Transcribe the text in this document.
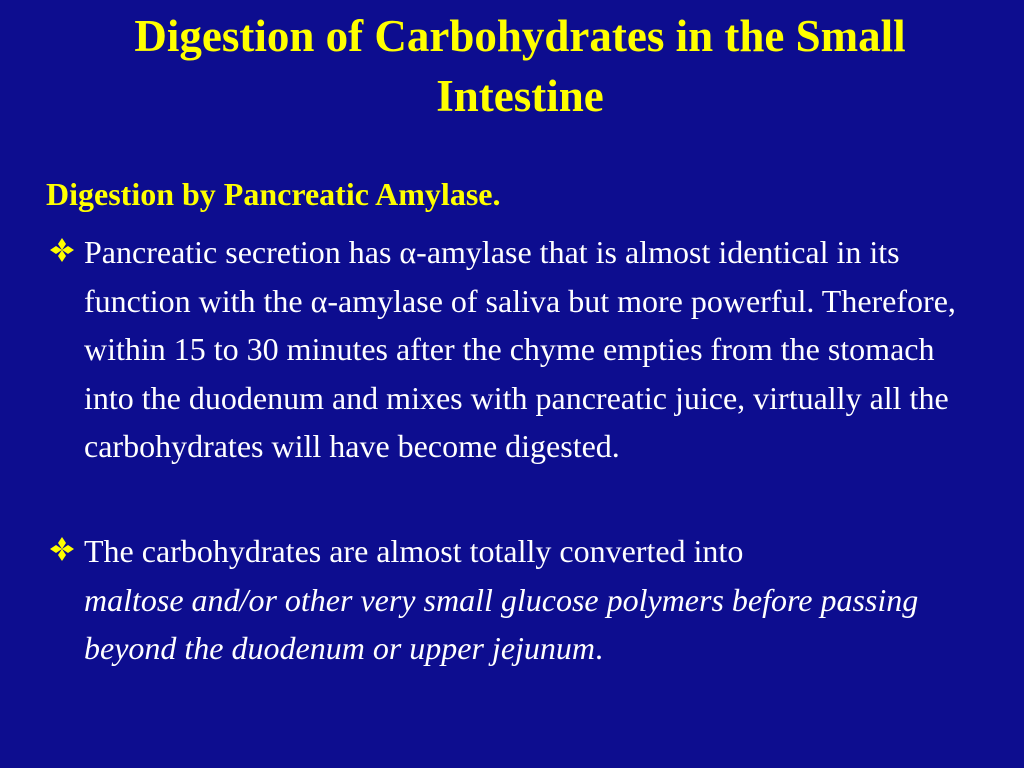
Digestion of Carbohydrates in the Small Intestine
Digestion by Pancreatic Amylase.
Pancreatic secretion has α-amylase that is almost identical in its function with the α-amylase of saliva but more powerful. Therefore, within 15 to 30 minutes after the chyme empties from the stomach into the duodenum and mixes with pancreatic juice, virtually all the carbohydrates will have become digested.
The carbohydrates are almost totally converted into
maltose and/or other very small glucose polymers before passing beyond the duodenum or upper jejunum.
